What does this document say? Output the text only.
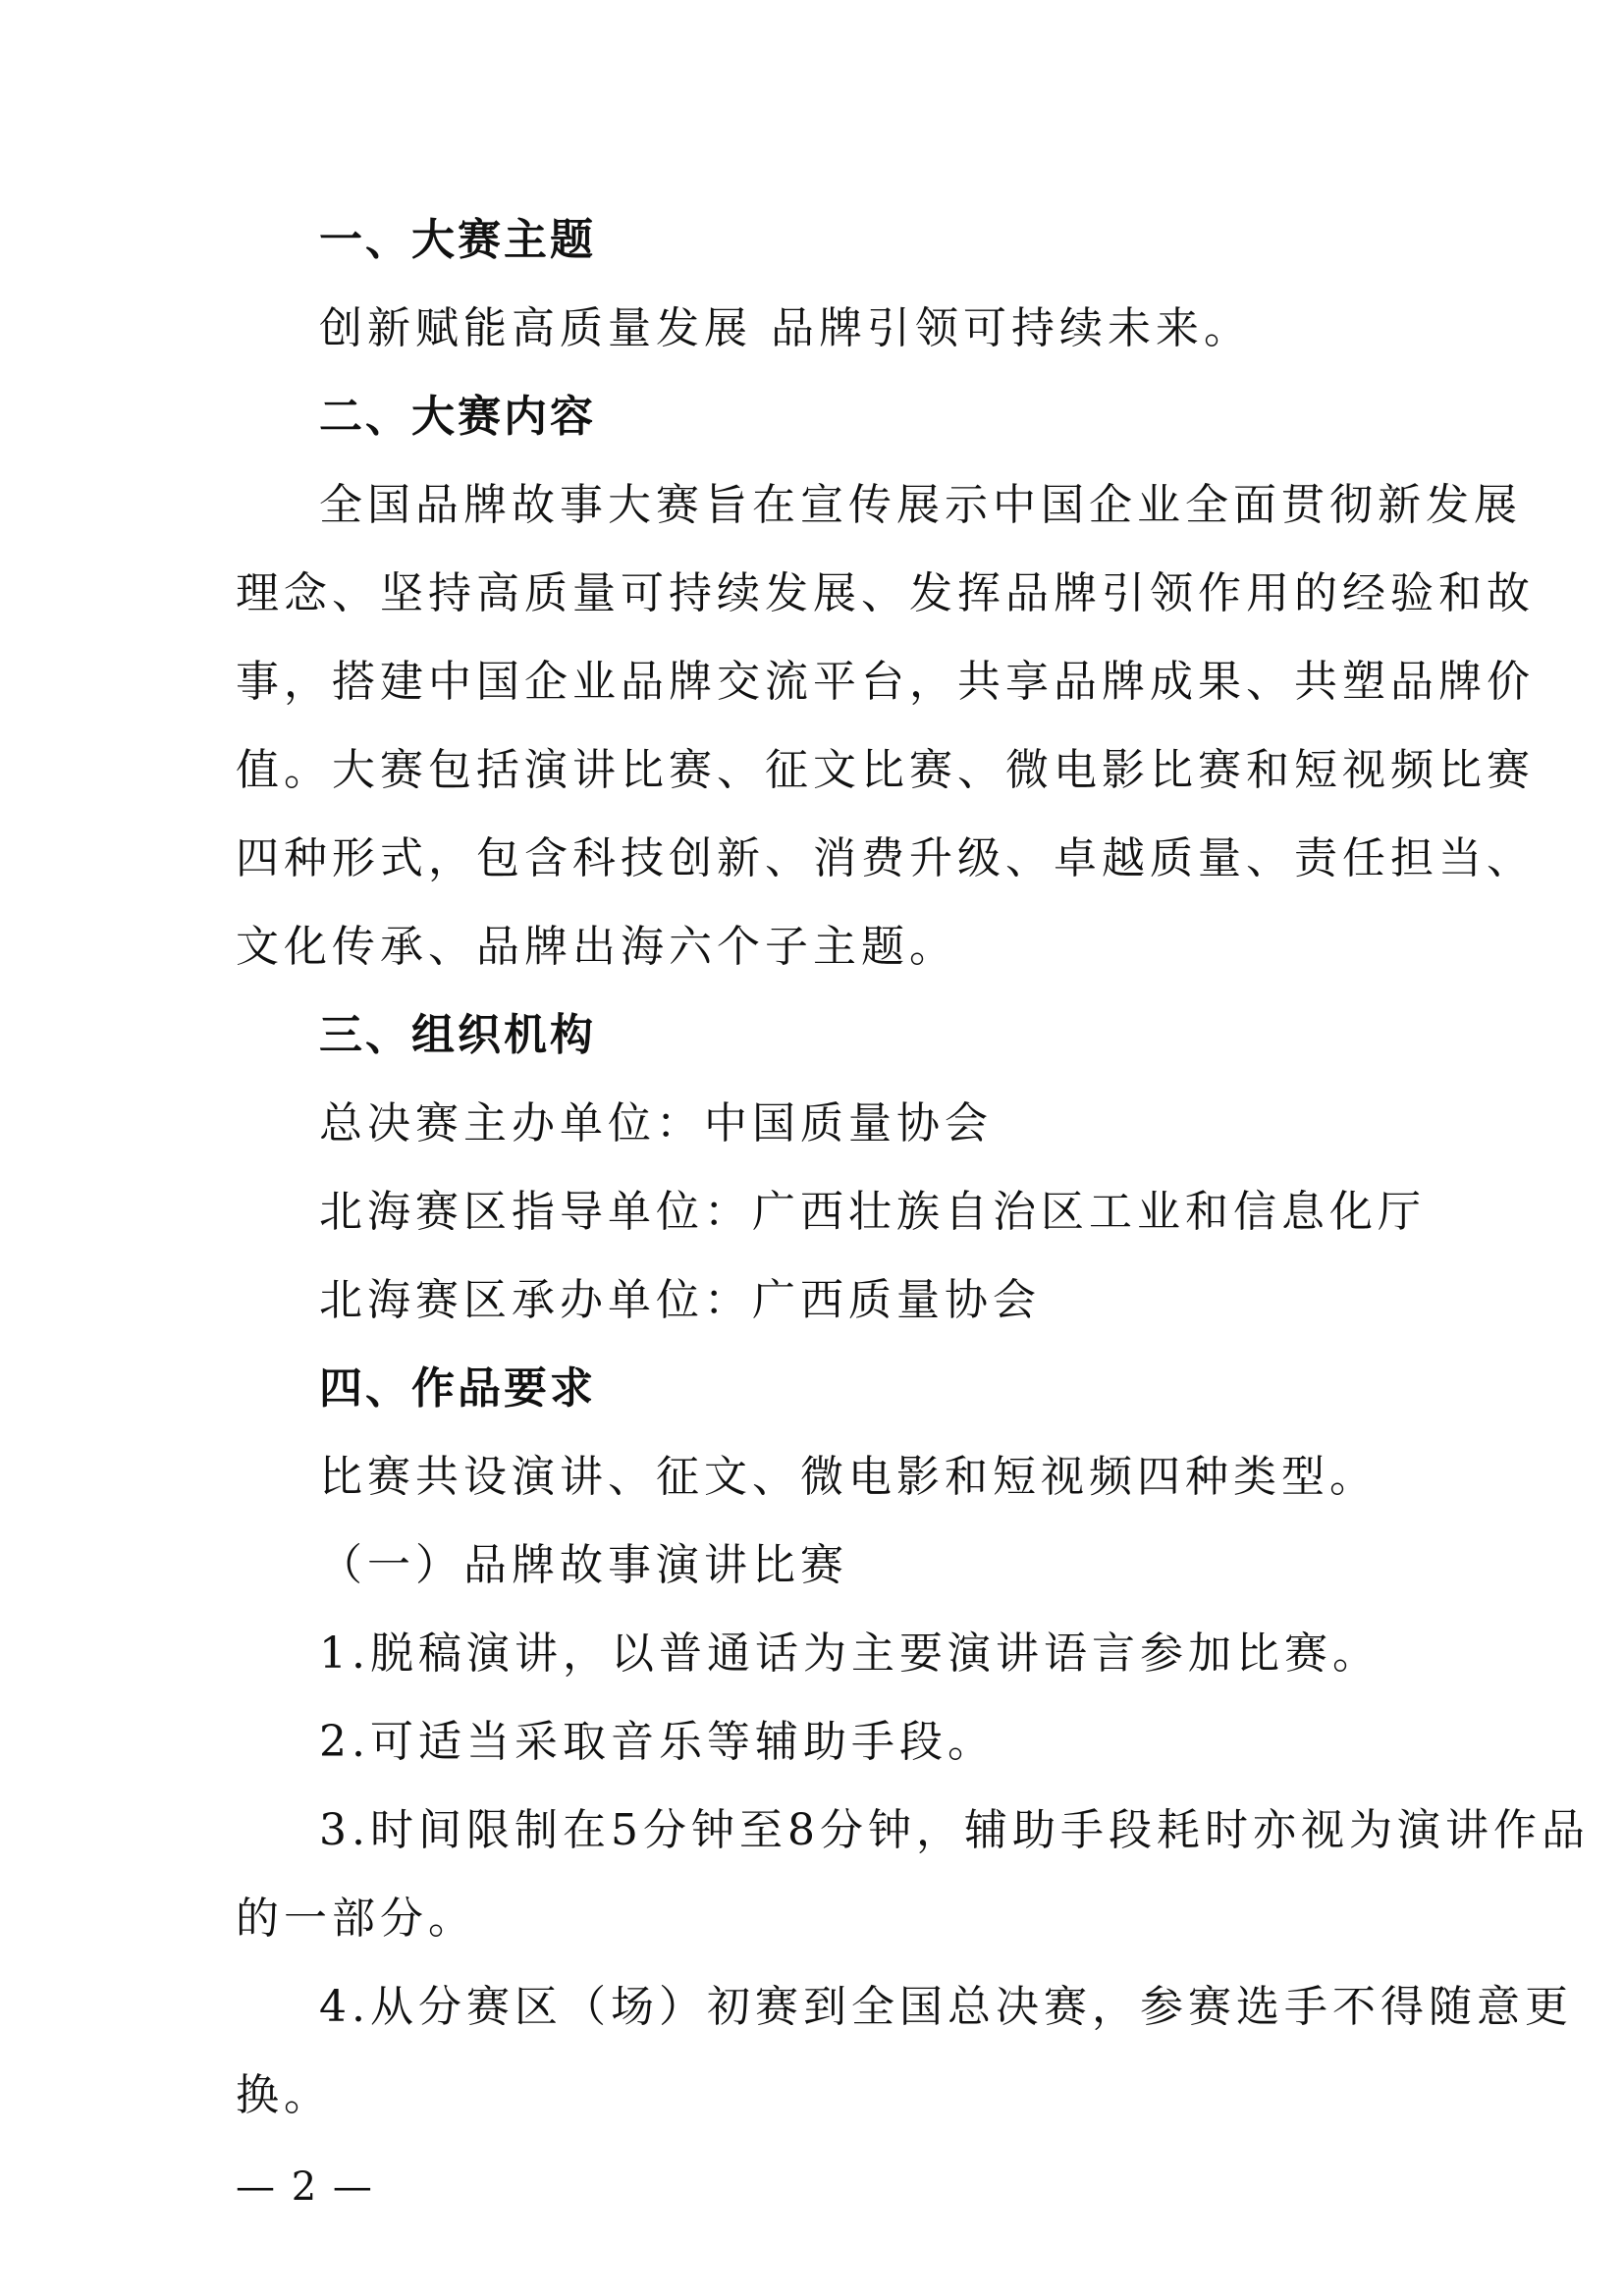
一、大赛主题
创新赋能高质量发展 品牌引领可持续未来。
二、大赛内容
全国品牌故事大赛旨在宣传展示中国企业全面贯彻新发展
理念、坚持高质量可持续发展、发挥品牌引领作用的经验和故
事，搭建中国企业品牌交流平台，共享品牌成果、共塑品牌价
值。大赛包括演讲比赛、征文比赛、微电影比赛和短视频比赛
四种形式，包含科技创新、消费升级、卓越质量、责任担当、
文化传承、品牌出海六个子主题。
三、组织机构
总决赛主办单位：中国质量协会
北海赛区指导单位：广西壮族自治区工业和信息化厅
北海赛区承办单位：广西质量协会
四、作品要求
比赛共设演讲、征文、微电影和短视频四种类型。
（一）品牌故事演讲比赛
1.脱稿演讲，以普通话为主要演讲语言参加比赛。
2.可适当采取音乐等辅助手段。
3.时间限制在5分钟至8分钟，辅助手段耗时亦视为演讲作品
的一部分。
4.从分赛区（场）初赛到全国总决赛，参赛选手不得随意更
换。
— 2 —
